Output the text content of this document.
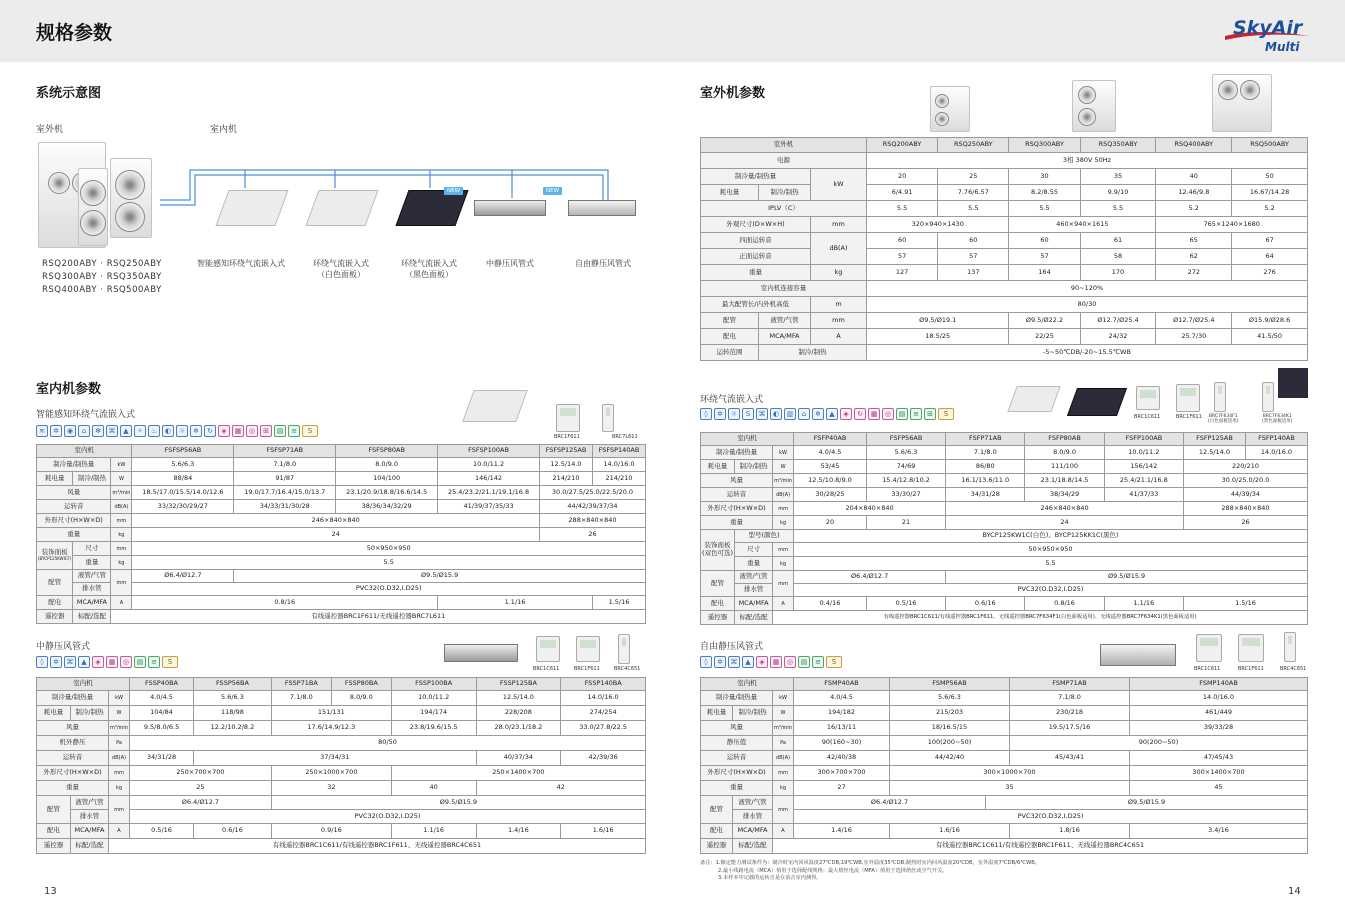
规格参数	SkyAir
Multi
系统示意图
室外机	室内机
RSQ200ABY · RSQ250ABY
RSQ300ABY · RSQ350ABY
RSQ400ABY · RSQ500ABY
NEW	NEW
智能感知环绕气流嵌入式	环绕气流嵌入式
（白色面板）
环绕气流嵌入式
（黑色面板）
中静压风管式	自由静压风管式
室外机参数
室外机			RSQ200ABY	RSQ250ABY	RSQ300ABY	RSQ350ABY	RSQ400ABY	RSQ500ABY
电源			3相 380V 50Hz					
制冷量/制热量		kW	20	25	30	35	40	50
耗电量	制冷/制热		6/4.91	7.76/6.57	8.2/8.55	9.9/10	12.46/9.8	16.67/14.28
IPLV（C）			5.5	5.5	5.5	5.5	5.2	5.2
外观尺寸(D×W×H)		mm	320×940×1430		460×940×1615		765×1240×1680	
四面运转音		dB(A)	60	60	60	61	65	67
正面运转音			57	57	57	58	62	64
重量		kg	127	137	164	170	272	276
室内机连接容量			90~120%					
最大配管长/内外机高低		m	80/30					
配管	液管/气管	mm	Ø9.5/Ø19.1		Ø9.5/Ø22.2	Ø12.7/Ø25.4	Ø12.7/Ø25.4	Ø15.9/Ø28.6
配电	MCA/MFA	A	18.5/25		22/25	24/32	25.7/30	41.5/50
运转范围	制冷/制热		-5~50℃DB/-20~15.5℃WB					
室内机参数
智能感知环绕气流嵌入式
≋	✲	◉	⌂	✻	⌘	▲	✧	♨	◐	☼	❄	↻	◈	▦	◎	⊞	▤	≡	S
BRC1F611	BRC7L611
室内机			FSFSP56AB	FSFSP71AB	FSFSP80AB	FSFSP100AB	FSFSP125AB	FSFSP140AB
制冷量/制热量		kW	5.6/6.3	7.1/8.0	8.0/9.0	10.0/11.2	12.5/14.0	14.0/16.0
耗电量	制冷/制热	W	88/84	91/87	104/100	146/142	214/210	214/210
风量		m³/min	18.5/17.0/15.5/14.0/12.6	19.0/17.7/16.4/15.0/13.7	23.1/20.9/18.8/16.6/14.5	25.4/23.2/21.1/19.1/16.8	30.0/27.5/25.0/22.5/20.0	
运转音		dB(A)	33/32/30/29/27	34/33/31/30/28	38/36/34/32/29	41/39/37/35/33	44/42/39/37/34	
外形尺寸(H×W×D)		mm	246×840×840				288×840×840	
重量		kg	24				26	

装饰面板
(BYCP125KWICF)	尺寸	mm	50×950×950					
	重量	kg	5.5					
配管	液管/气管	mm	Ø6.4/Ø12.7	Ø9.5/Ø15.9				
	排水管		PVC32(O.D32,I.D25)					
配电	MCA/MFA	A	0.8/16			1.1/16		1.5/16
遥控器	标配/选配	有线遥控器BRC1F611/无线遥控器BRC7L611						
环绕气流嵌入式
◊	✲	☼	S	⌘	◐	▥	⌂	❄	▲	◈	↻	▦	◎	▤	≡	⊞	S	BRC1C611	BRC1F611 BRC7F634F1
(白色面板适用)
BRC7F634K1
(黑色面板适用)
室内机			FSFP40AB	FSFP56AB	FSFP71AB	FSFP80AB	FSFP100AB	FSFP125AB	FSFP140AB
制冷量/制热量		kW	4.0/4.5	5.6/6.3	7.1/8.0	8.0/9.0	10.0/11.2	12.5/14.0	14.0/16.0
耗电量	制冷/制热	W	53/45	74/69	86/80	111/100	156/142	220/210	
风量		m³/min	12.5/10.8/9.0	15.4/12.8/10.2	16.1/13.6/11.0	23.1/18.8/14.5	25.4/21.1/16.8	30.0/25.0/20.0	
运转音		dB(A)	30/28/25	33/30/27	34/31/28	38/34/29	41/37/33	44/39/34	
外形尺寸(H×W×D)		mm	204×840×840		246×840×840			288×840×840	
重量		kg	20	21	24			26	

装饰面板
(双色可选)	型号(颜色)		BYCP125KW1C(白色)、BYCP125KK1C(黑色)						
	尺寸	mm	50×950×950						
	重量	kg	5.5						
配管	液管/气管	mm	Ø6.4/Ø12.7		Ø9.5/Ø15.9				
	排水管		PVC32(O.D32,I.D25)						
配电	MCA/MFA	A	0.4/16	0.5/16	0.6/16	0.8/16	1.1/16	1.5/16	
遥控器	标配/选配	有线遥控器BRC1C611/有线遥控器BRC1F611、无线遥控器BRC7F634F1(白色面板适用)、无线遥控器BRC7F634K1(黑色面板适用)							
中静压风管式
◊	✲	⌘	▲	◈	▦	◎	▤	≡	S
BRC1C611	BRC1F611	BRC4C651
室内机			FSSP40BA	FSSP56BA	FSSP71BA	FSSP80BA	FSSP100BA	FSSP125BA	FSSP140BA
制冷量/制热量		kW	4.0/4.5	5.6/6.3	7.1/8.0	8.0/9.0	10.0/11.2	12.5/14.0	14.0/16.0
耗电量	制冷/制热	W	104/84	118/98	151/131		194/174	228/208	274/254
风量		m³/min	9.5/8.0/6.5	12.2/10.2/8.2	17.6/14.9/12.3		23.8/19.6/15.5	28.0/23.1/18.2	33.0/27.8/22.5
机外静压		Pa	80/50						
运转音		dB(A)	34/31/28	37/34/31				40/37/34	42/39/36
外形尺寸(H×W×D)		mm	250×700×700		250×1000×700		250×1400×700		
重量		kg	25		32		40	42	
配管	液管/气管	mm	Ø6.4/Ø12.7		Ø9.5/Ø15.9				
	排水管		PVC32(O.D32,I.D25)						
配电	MCA/MFA	A	0.5/16	0.6/16	0.9/16		1.1/16	1.4/16	1.6/16
遥控器	标配/选配	有线遥控器BRC1C611/有线遥控器BRC1F611、无线遥控器BRC4C651							
自由静压风管式
◊	✲	⌘	▲	◈	▦	◎	▤	≡	S
BRC1C611	BRC1F611	BRC4C651
室内机			FSMP40AB	FSMP56AB		FSMP71AB	FSMP140AB
制冷量/制热量		kW	4.0/4.5	5.6/6.3		7.1/8.0	14.0/16.0
耗电量	制冷/制热	W	194/182	215/203		230/218	461/449
风量		m³/min	16/13/11	18/16.5/15		19.5/17.5/16	39/33/28
静压值		Pa	90(160~30)	100(200~50)		90(200~50)	
运转音		dB(A)	42/40/38	44/42/40		45/43/41	47/45/43
外形尺寸(H×W×D)		mm	300×700×700	300×1000×700			300×1400×700
重量		kg	27	35			45
配管	液管/气管	mm	Ø6.4/Ø12.7		Ø9.5/Ø15.9		
	排水管		PVC32(O.D32,I.D25)				
配电	MCA/MFA	A	1.4/16	1.6/16		1.8/16	3.4/16
遥控器	标配/选配	有线遥控器BRC1C611/有线遥控器BRC1F611、无线遥控器BRC4C651					
备注：1.额定能力测试条件为：制冷时室内回风温度27℃DB,19℃WB,室外温度35℃DB;制热时室内回风温度20℃DB，室外温度7℃DB/6℃WB。
2.最小线路电流（MCA）值用于选择配线规格；最大熔丝电流（MFA）值用于选择熔丝或空气开关。
3.本样本中记载的运转音是在消音室内测得。
13	14
